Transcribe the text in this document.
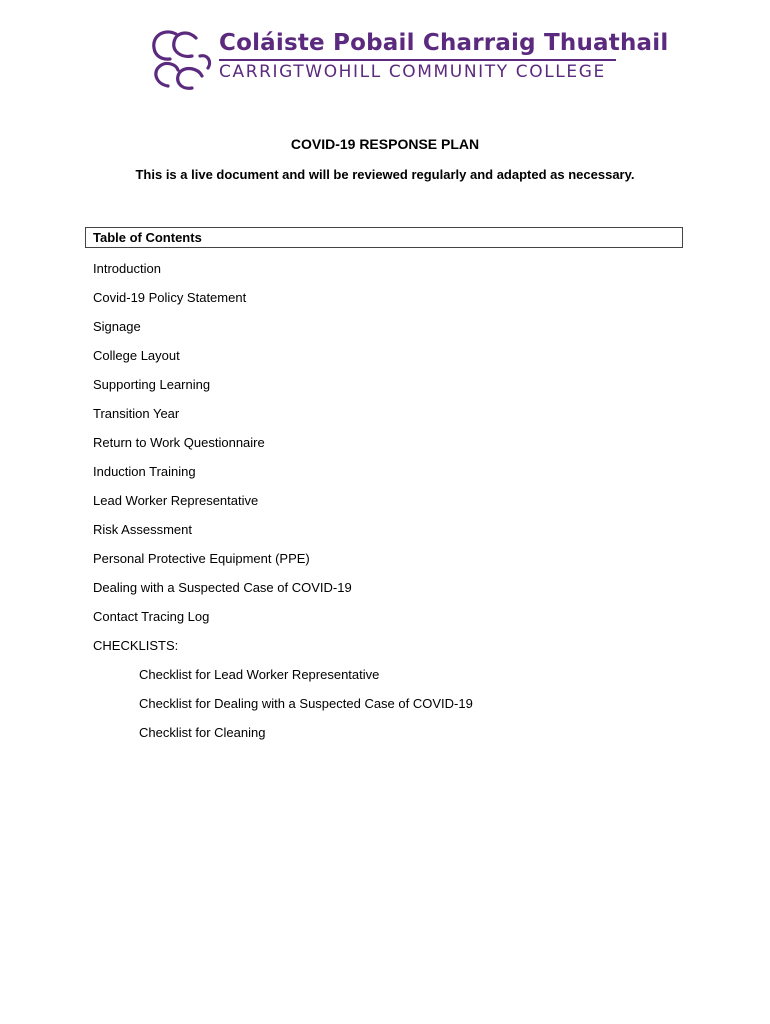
Coláiste Pobail Charraig Thuathail
CARRIGTWOHILL COMMUNITY COLLEGE
COVID-19 RESPONSE PLAN
This is a live document and will be reviewed regularly and adapted as necessary.
Table of Contents
Introduction
Covid-19 Policy Statement
Signage
College Layout
Supporting Learning
Transition Year
Return to Work Questionnaire
Induction Training
Lead Worker Representative
Risk Assessment
Personal Protective Equipment (PPE)
Dealing with a Suspected Case of COVID-19
Contact Tracing Log
CHECKLISTS:
Checklist for Lead Worker Representative
Checklist for Dealing with a Suspected Case of COVID-19
Checklist for Cleaning
